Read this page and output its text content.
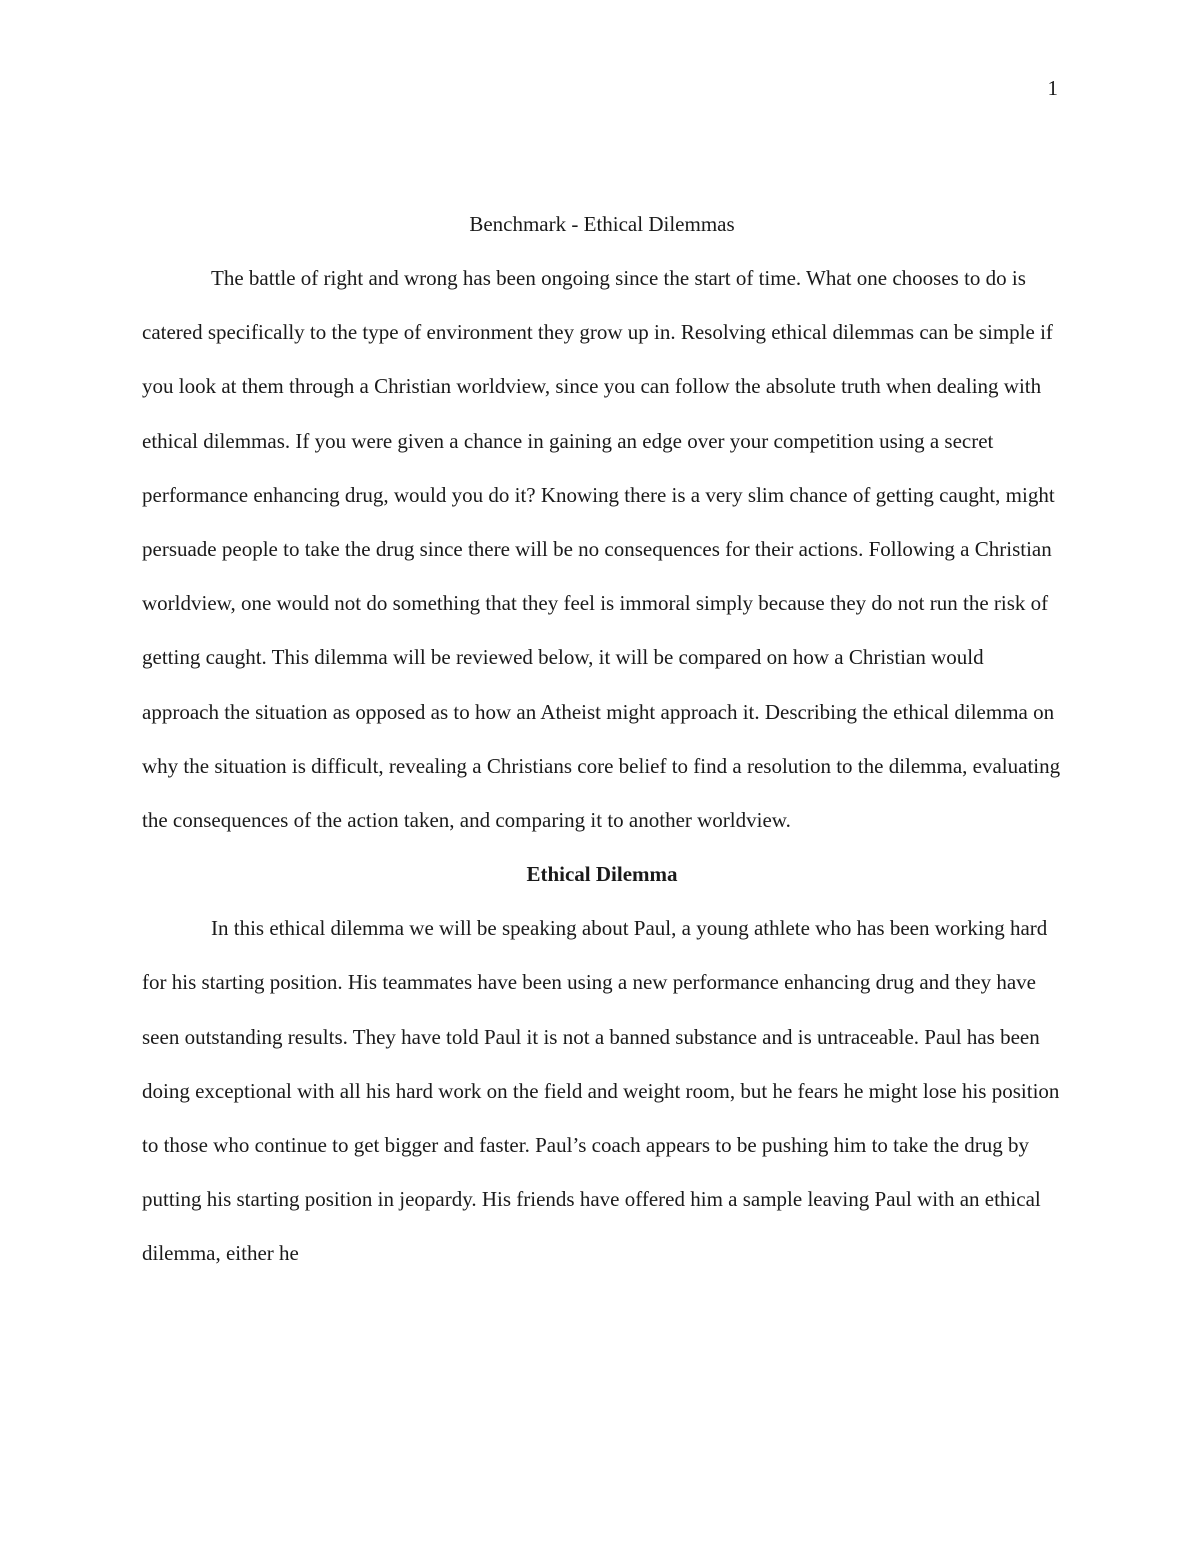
1
Benchmark - Ethical Dilemmas

The battle of right and wrong has been ongoing since the start of time. What one chooses to do is catered specifically to the type of environment they grow up in. Resolving ethical dilemmas can be simple if you look at them through a Christian worldview, since you can follow the absolute truth when dealing with ethical dilemmas. If you were given a chance in gaining an edge over your competition using a secret performance enhancing drug, would you do it? Knowing there is a very slim chance of getting caught, might persuade people to take the drug since there will be no consequences for their actions. Following a Christian worldview, one would not do something that they feel is immoral simply because they do not run the risk of getting caught. This dilemma will be reviewed below, it will be compared on how a Christian would approach the situation as opposed as to how an Atheist might approach it. Describing the ethical dilemma on why the situation is difficult, revealing a Christians core belief to find a resolution to the dilemma, evaluating the consequences of the action taken, and comparing it to another worldview.

Ethical Dilemma

In this ethical dilemma we will be speaking about Paul, a young athlete who has been working hard for his starting position. His teammates have been using a new performance enhancing drug and they have seen outstanding results. They have told Paul it is not a banned substance and is untraceable. Paul has been doing exceptional with all his hard work on the field and weight room, but he fears he might lose his position to those who continue to get bigger and faster. Paul’s coach appears to be pushing him to take the drug by putting his starting position in jeopardy. His friends have offered him a sample leaving Paul with an ethical dilemma, either he
